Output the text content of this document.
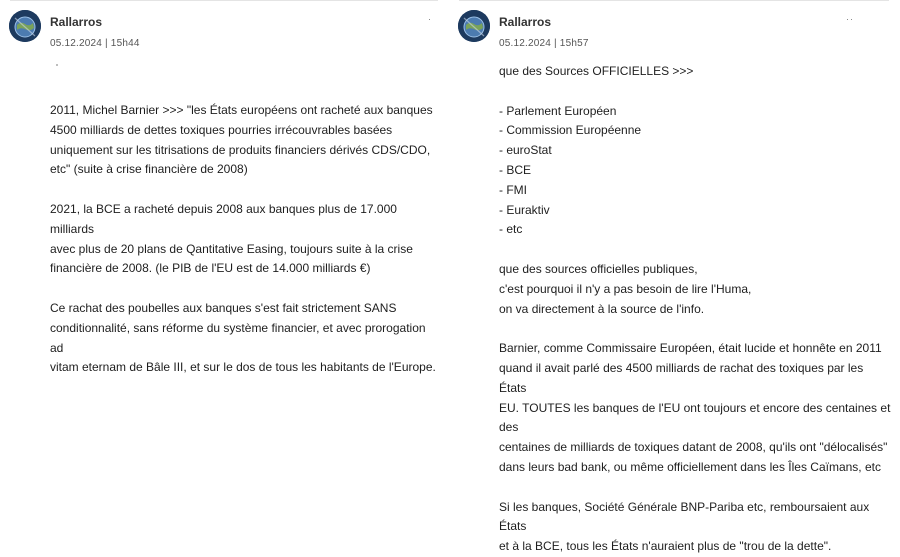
Rallarros
05.12.2024 | 15h44
·

2011, Michel Barnier >>> "les États européens ont racheté aux banques
4500 milliards de dettes toxiques pourries irrécouvrables basées
uniquement sur les titrisations de produits financiers dérivés CDS/CDO,
etc" (suite à crise financière de 2008)

2021, la BCE a racheté depuis 2008 aux banques plus de 17.000 milliards
avec plus de 20 plans de Qantitative Easing, toujours suite à la crise
financière de 2008. (le PIB de l'EU est de 14.000 milliards €)

Ce rachat des poubelles aux banques s'est fait strictement SANS
conditionnalité, sans réforme du système financier, et avec prorogation ad
vitam eternam de Bâle III, et sur le dos de tous les habitants de l'Europe.

Rallarros
05.12.2024 | 15h57
··

que des Sources OFFICIELLES >>>

- Parlement Européen
- Commission Européenne
- euroStat
- BCE
- FMI
- Euraktiv
- etc

que des sources officielles publiques,
c'est pourquoi il n'y a pas besoin de lire l'Huma,
on va directement à la source de l'info.

Barnier, comme Commissaire Européen, était lucide et honnête en 2011
quand il avait parlé des 4500 milliards de rachat des toxiques par les États
EU. TOUTES les banques de l'EU ont toujours et encore des centaines et des
centaines de milliards de toxiques datant de 2008, qu'ils ont "délocalisés"
dans leurs bad bank, ou même officiellement dans les Îles Caïmans, etc

Si les banques, Société Générale BNP-Pariba etc, remboursaient aux États
et à la BCE, tous les États n'auraient plus de "trou de la dette".
